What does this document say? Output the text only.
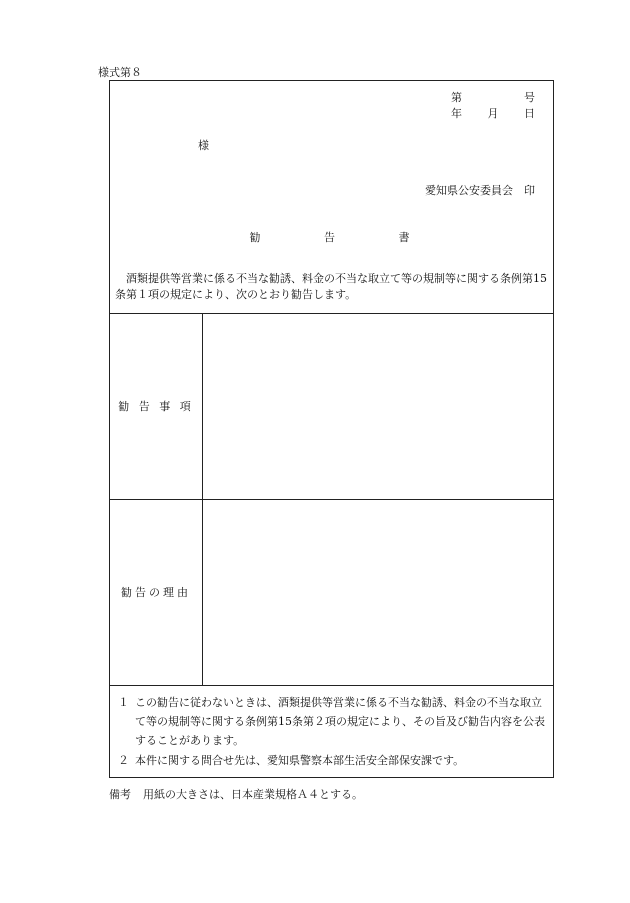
様式第８
第	号
年 月 日
様
愛知県公安委員会　印
勧	告	書
酒類提供等営業に係る不当な勧誘、料金の不当な取立て等の規制等に関する条例第15条第１項の規定により、次のとおり勧告します。
勧 告 事 項
勧告の理由
１ この勧告に従わないときは、酒類提供等営業に係る不当な勧誘、料金の不当な取立て等の規制等に関する条例第15条第２項の規定により、その旨及び勧告内容を公表することがあります。
２ 本件に関する問合せ先は、愛知県警察本部生活安全部保安課です。
備考 用紙の大きさは、日本産業規格Ａ４とする。
